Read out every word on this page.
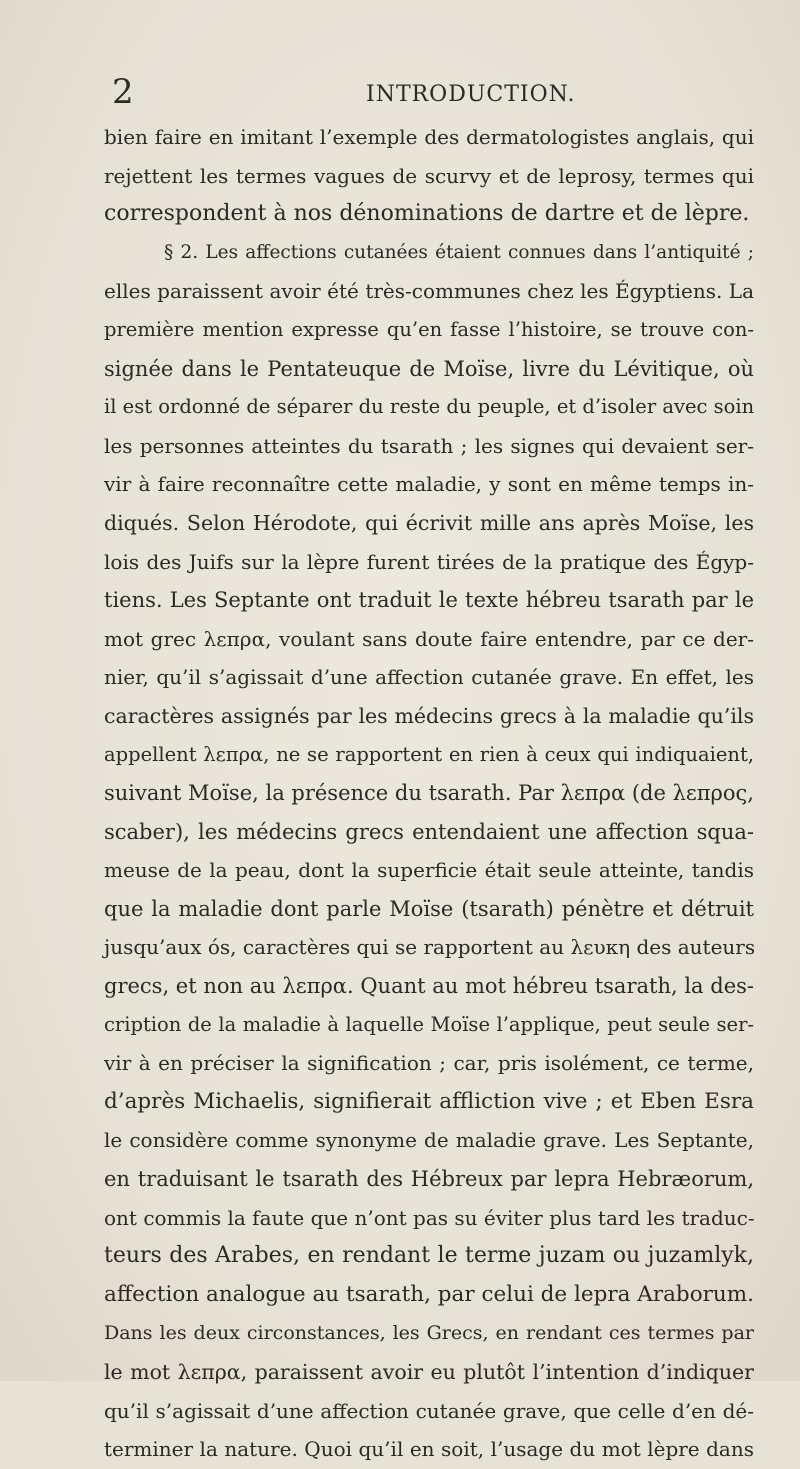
2	INTRODUCTION.
bien faire en imitant l’exemple des dermatologistes anglais, qui
rejettent les termes vagues de scurvy et de leprosy, termes qui
correspondent à nos dénominations de dartre et de lèpre.
§ 2. Les affections cutanées étaient connues dans l’antiquité ;
elles paraissent avoir été très-communes chez les Égyptiens. La
première mention expresse qu’en fasse l’histoire, se trouve con-
signée dans le Pentateuque de Moïse, livre du Lévitique, où
il est ordonné de séparer du reste du peuple, et d’isoler avec soin
les personnes atteintes du tsarath ; les signes qui devaient ser-
vir à faire reconnaître cette maladie, y sont en même temps in-
diqués. Selon Hérodote, qui écrivit mille ans après Moïse, les
lois des Juifs sur la lèpre furent tirées de la pratique des Égyp-
tiens. Les Septante ont traduit le texte hébreu tsarath par le
mot grec λεπρα, voulant sans doute faire entendre, par ce der-
nier, qu’il s’agissait d’une affection cutanée grave. En effet, les
caractères assignés par les médecins grecs à la maladie qu’ils
appellent λεπρα, ne se rapportent en rien à ceux qui indiquaient,
suivant Moïse, la présence du tsarath. Par λεπρα (de λεπρος,
scaber), les médecins grecs entendaient une affection squa-
meuse de la peau, dont la superficie était seule atteinte, tandis
que la maladie dont parle Moïse (tsarath) pénètre et détruit
jusqu’aux ós, caractères qui se rapportent au λευκη des auteurs
grecs, et non au λεπρα. Quant au mot hébreu tsarath, la des-
cription de la maladie à laquelle Moïse l’applique, peut seule ser-
vir à en préciser la signification ; car, pris isolément, ce terme,
d’après Michaelis, signifierait affliction vive ; et Eben Esra
le considère comme synonyme de maladie grave. Les Septante,
en traduisant le tsarath des Hébreux par lepra Hebræorum,
ont commis la faute que n’ont pas su éviter plus tard les traduc-
teurs des Arabes, en rendant le terme juzam ou juzamlyk,
affection analogue au tsarath, par celui de lepra Araborum.
Dans les deux circonstances, les Grecs, en rendant ces termes par
le mot λεπρα, paraissent avoir eu plutôt l’intention d’indiquer
qu’il s’agissait d’une affection cutanée grave, que celle d’en dé-
terminer la nature. Quoi qu’il en soit, l’usage du mot lèpre dans
